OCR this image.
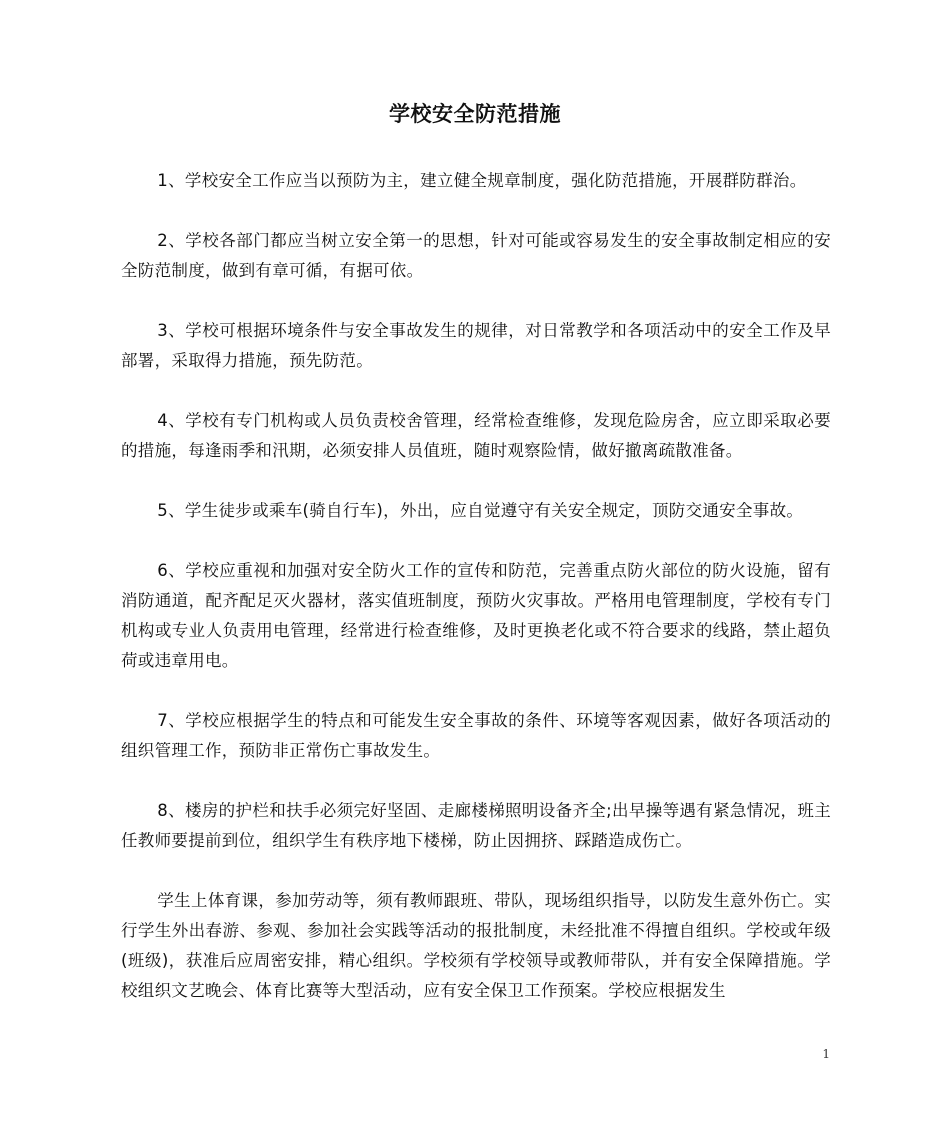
学校安全防范措施

1、学校安全工作应当以预防为主，建立健全规章制度，强化防范措施，开展群防群治。

2、学校各部门都应当树立安全第一的思想，针对可能或容易发生的安全事故制定相应的安全防范制度，做到有章可循，有据可依。

3、学校可根据环境条件与安全事故发生的规律，对日常教学和各项活动中的安全工作及早部署，采取得力措施，预先防范。

4、学校有专门机构或人员负责校舍管理，经常检查维修，发现危险房舍，应立即采取必要的措施，每逢雨季和汛期，必须安排人员值班，随时观察险情，做好撤离疏散准备。

5、学生徒步或乘车(骑自行车)，外出，应自觉遵守有关安全规定，顶防交通安全事故。

6、学校应重视和加强对安全防火工作的宣传和防范，完善重点防火部位的防火设施，留有消防通道，配齐配足灭火器材，落实值班制度，预防火灾事故。严格用电管理制度，学校有专门机构或专业人负责用电管理，经常进行检查维修，及时更换老化或不符合要求的线路，禁止超负荷或违章用电。

7、学校应根据学生的特点和可能发生安全事故的条件、环境等客观因素，做好各项活动的组织管理工作，预防非正常伤亡事故发生。

8、楼房的护栏和扶手必须完好坚固、走廊楼梯照明设备齐全;出早操等遇有紧急情况，班主任教师要提前到位，组织学生有秩序地下楼梯，防止因拥挤、踩踏造成伤亡。

学生上体育课，参加劳动等，须有教师跟班、带队，现场组织指导，以防发生意外伤亡。实行学生外出春游、参观、参加社会实践等活动的报批制度，未经批准不得擅自组织。学校或年级(班级)，获准后应周密安排，精心组织。学校须有学校领导或教师带队，并有安全保障措施。学校组织文艺晚会、体育比赛等大型活动，应有安全保卫工作预案。学校应根据发生

1
